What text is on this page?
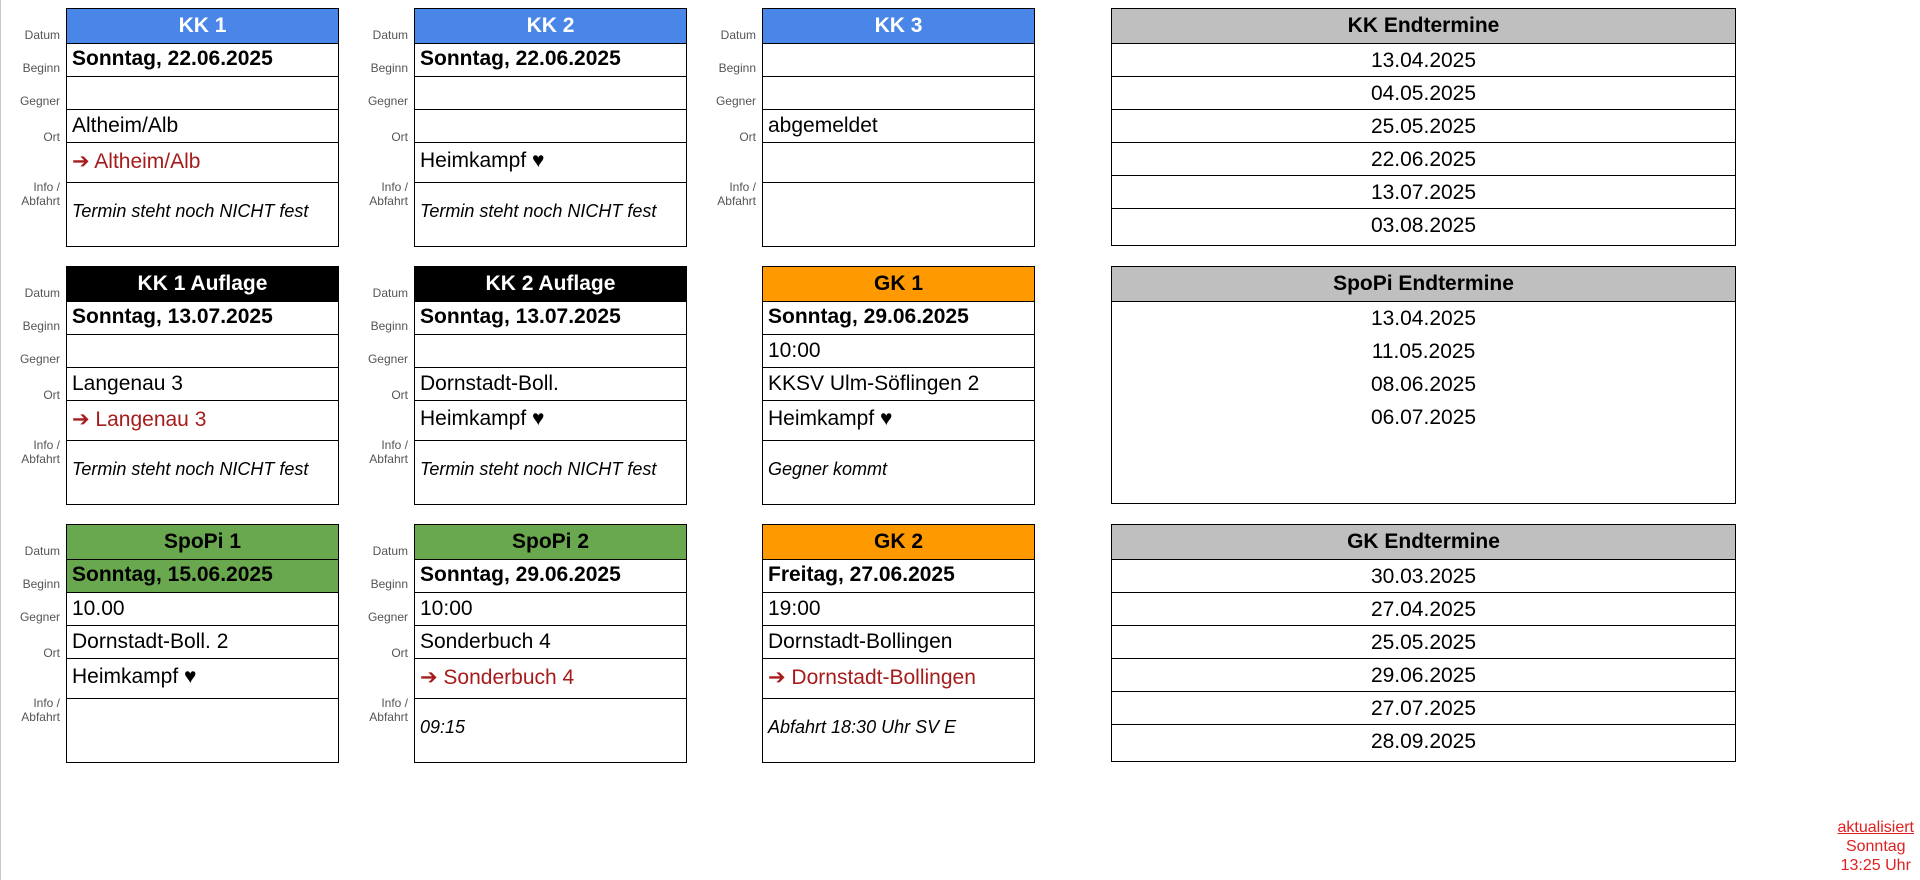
Datum
Beginn
Gegner
Ort
Info /
Abfahrt
KK 1
Sonntag, 22.06.2025
Altheim/Alb
➔ Altheim/Alb
Termin steht noch NICHT fest
Datum
Beginn
Gegner
Ort
Info /
Abfahrt
KK 2
Sonntag, 22.06.2025
Heimkampf ♥
Termin steht noch NICHT fest
Datum
Beginn
Gegner
Ort
Info /
Abfahrt
KK 3
abgemeldet
KK Endtermine
13.04.2025
04.05.2025
25.05.2025
22.06.2025
13.07.2025
03.08.2025
Datum
Beginn
Gegner
Ort
Info /
Abfahrt
KK 1 Auflage
Sonntag, 13.07.2025
Langenau 3
➔ Langenau 3
Termin steht noch NICHT fest
Datum
Beginn
Gegner
Ort
Info /
Abfahrt
KK 2 Auflage
Sonntag, 13.07.2025
Dornstadt-Boll.
Heimkampf ♥
Termin steht noch NICHT fest
GK 1
Sonntag, 29.06.2025
10:00
KKSV Ulm-Söflingen 2
Heimkampf ♥
Gegner kommt
SpoPi Endtermine
13.04.2025
11.05.2025
08.06.2025
06.07.2025
Datum
Beginn
Gegner
Ort
Info /
Abfahrt
SpoPi 1
Sonntag, 15.06.2025
10.00
Dornstadt-Boll. 2
Heimkampf ♥
Datum
Beginn
Gegner
Ort
Info /
Abfahrt
SpoPi 2
Sonntag, 29.06.2025
10:00
Sonderbuch 4
➔ Sonderbuch 4
09:15
GK 2
Freitag, 27.06.2025
19:00
Dornstadt-Bollingen
➔ Dornstadt-Bollingen
Abfahrt 18:30 Uhr SV E
GK Endtermine
30.03.2025
27.04.2025
25.05.2025
29.06.2025
27.07.2025
28.09.2025
aktualisiert
Sonntag
13:25 Uhr
